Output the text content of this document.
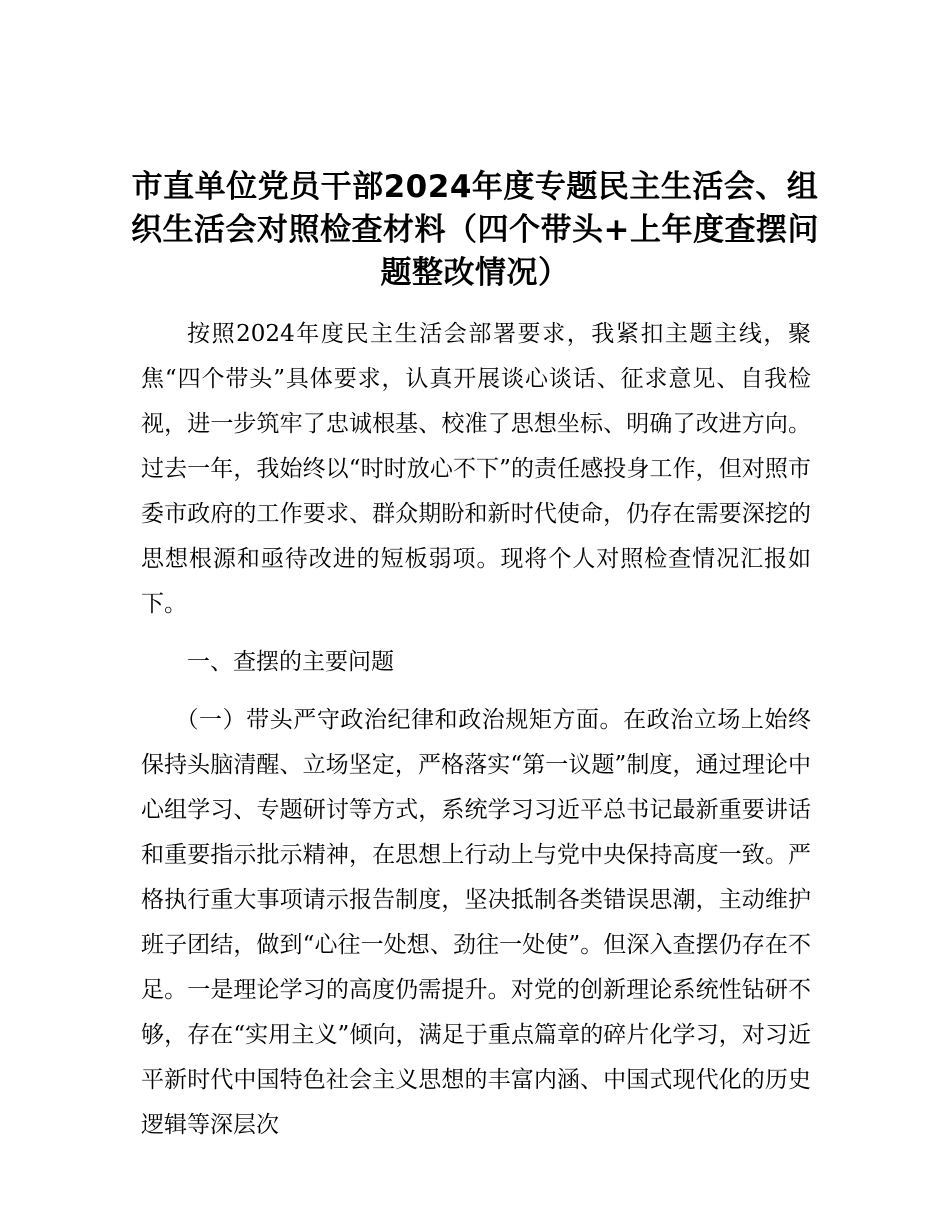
市直单位党员干部2024年度专题民主生活会、组织生活会对照检查材料（四个带头+上年度查摆问题整改情况）

按照2024年度民主生活会部署要求，我紧扣主题主线，聚焦“四个带头”具体要求，认真开展谈心谈话、征求意见、自我检视，进一步筑牢了忠诚根基、校准了思想坐标、明确了改进方向。过去一年，我始终以“时时放心不下”的责任感投身工作，但对照市委市政府的工作要求、群众期盼和新时代使命，仍存在需要深挖的思想根源和亟待改进的短板弱项。现将个人对照检查情况汇报如下。

一、查摆的主要问题

（一）带头严守政治纪律和政治规矩方面。在政治立场上始终保持头脑清醒、立场坚定，严格落实“第一议题”制度，通过理论中心组学习、专题研讨等方式，系统学习习近平总书记最新重要讲话和重要指示批示精神，在思想上行动上与党中央保持高度一致。严格执行重大事项请示报告制度，坚决抵制各类错误思潮，主动维护班子团结，做到“心往一处想、劲往一处使”。但深入查摆仍存在不足。一是理论学习的高度仍需提升。对党的创新理论系统性钻研不够，存在“实用主义”倾向，满足于重点篇章的碎片化学习，对习近平新时代中国特色社会主义思想的丰富内涵、中国式现代化的历史逻辑等深层次
